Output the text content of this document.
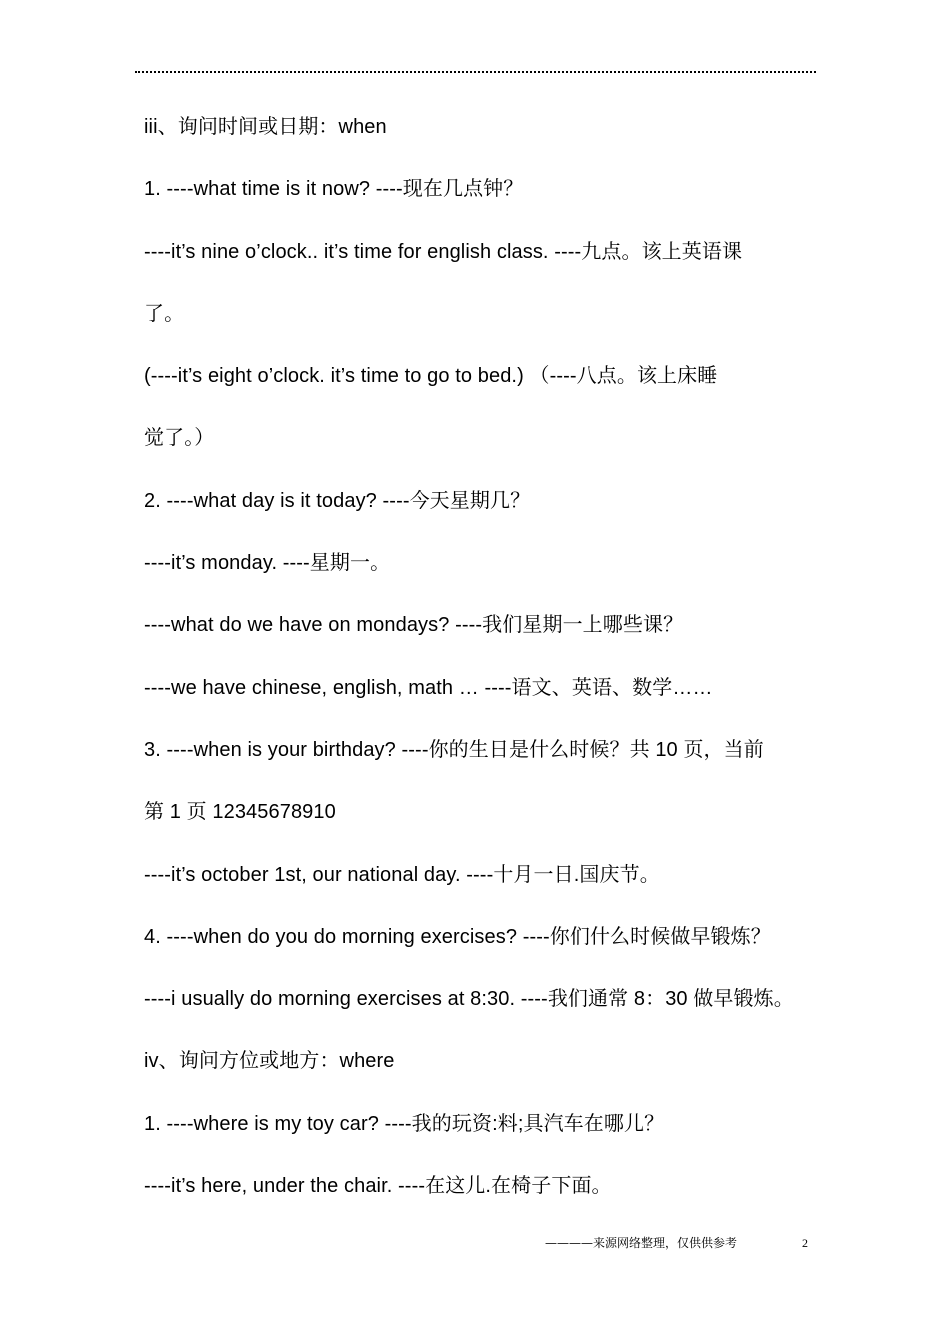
iii、询问时间或日期：when
1. ----what time is it now? ----现在几点钟？
----it’s nine o’clock.. it’s time for english class. ----九点。该上英语课
了。
(----it’s eight o’clock. it’s time to go to bed.) （----八点。该上床睡
觉了。）
2. ----what day is it today? ----今天星期几？
----it’s monday. ----星期一。
----what do we have on mondays? ----我们星期一上哪些课？
----we have chinese, english, math … ----语文、英语、数学……
3. ----when is your birthday? ----你的生日是什么时候？共 10 页，当前
第 1 页 12345678910
----it’s october 1st, our national day. ----十月一日.国庆节。
4. ----when do you do morning exercises? ----你们什么时候做早锻炼？
----i usually do morning exercises at 8:30. ----我们通常 8：30 做早锻炼。
iv、询问方位或地方：where
1. ----where is my toy car? ----我的玩资:料;具汽车在哪儿？
----it’s here, under the chair. ----在这儿.在椅子下面。
————来源网络整理，仅供供参考	2
